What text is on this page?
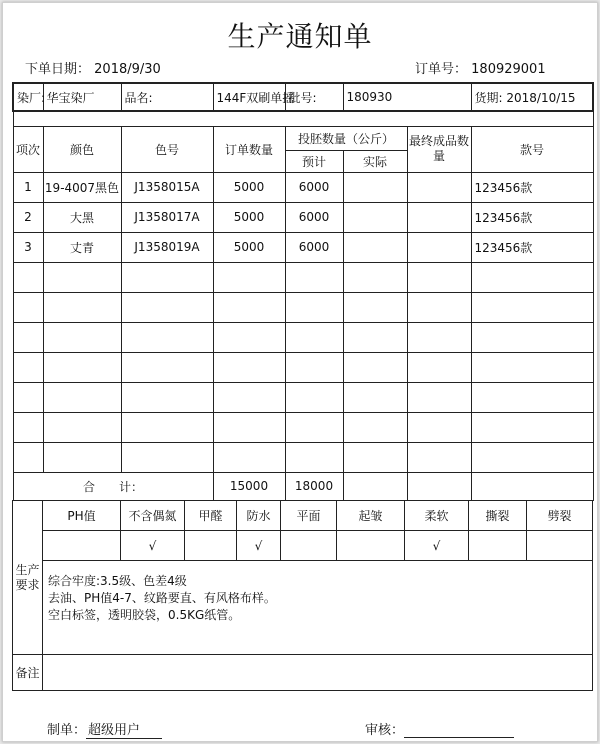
生产通知单
下单日期： 2018/9/30	订单号： 180929001
染厂:	华宝染厂	品名:	144F双刷单摇	批号:	180930		货期: 2018/10/15

项次	颜色	色号	订单数量	投胚数量（公斤）		最终成品数量	款号
				预计	实际		
1	19-4007黑色	J1358015A	5000	6000			123456款
2	大黑	J1358017A	5000	6000			123456款
3	丈青	J1358019A	5000	6000			123456款

合　　计：			15000	18000			
生产要求	PH值	不含偶氮	甲醛	防水	平面	起皱	柔软	撕裂	劈裂
		√		√			√		

	综合牢度:3.5级、色差4级
去油、PH值4-7、纹路要直、有风格布样。
空白标签，透明胶袋，0.5KG纸管。								

备注									
制单： 超级用户	审核：
